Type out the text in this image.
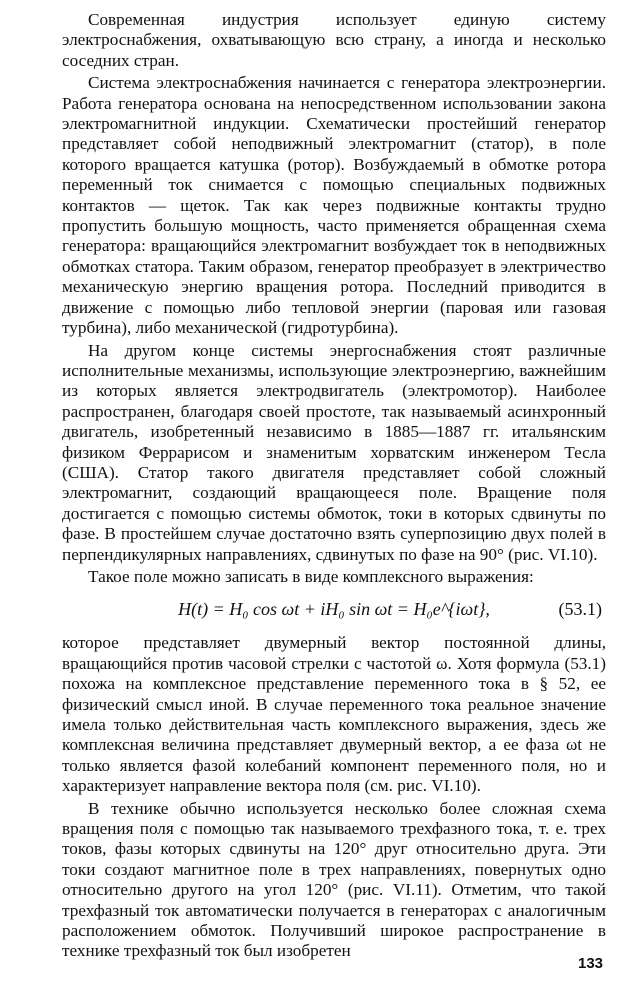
Современная индустрия использует единую систему электроснабжения, охватывающую всю страну, а иногда и несколько соседних стран.

Система электроснабжения начинается с генератора электроэнергии. Работа генератора основана на непосредственном использовании закона электромагнитной индукции. Схематически простейший генератор представляет собой неподвижный электромагнит (статор), в поле которого вращается катушка (ротор). Возбуждаемый в обмотке ротора переменный ток снимается с помощью специальных подвижных контактов — щеток. Так как через подвижные контакты трудно пропустить большую мощность, часто применяется обращенная схема генератора: вращающийся электромагнит возбуждает ток в неподвижных обмотках статора. Таким образом, генератор преобразует в электричество механическую энергию вращения ротора. Последний приводится в движение с помощью либо тепловой энергии (паровая или газовая турбина), либо механической (гидротурбина).

На другом конце системы энергоснабжения стоят различные исполнительные механизмы, использующие электроэнергию, важнейшим из которых является электродвигатель (электромотор). Наиболее распространен, благодаря своей простоте, так называемый асинхронный двигатель, изобретенный независимо в 1885—1887 гг. итальянским физиком Феррарисом и знаменитым хорватским инженером Тесла (США). Статор такого двигателя представляет собой сложный электромагнит, создающий вращающееся поле. Вращение поля достигается с помощью системы обмоток, токи в которых сдвинуты по фазе. В простейшем случае достаточно взять суперпозицию двух полей в перпендикулярных направлениях, сдвинутых по фазе на 90° (рис. VI.10).

Такое поле можно записать в виде комплексного выражения:

H(t) = H₀ cos ωt + iH₀ sin ωt = H₀e^{iωt},	(53.1)

которое представляет двумерный вектор постоянной длины, вращающийся против часовой стрелки с частотой ω. Хотя формула (53.1) похожа на комплексное представление переменного тока в § 52, ее физический смысл иной. В случае переменного тока реальное значение имела только действительная часть комплексного выражения, здесь же комплексная величина представляет двумерный вектор, а ее фаза ωt не только является фазой колебаний компонент переменного поля, но и характеризует направление вектора поля (см. рис. VI.10).

В технике обычно используется несколько более сложная схема вращения поля с помощью так называемого трехфазного тока, т. е. трех токов, фазы которых сдвинуты на 120° друг относительно друга. Эти токи создают магнитное поле в трех направлениях, повернутых одно относительно другого на угол 120° (рис. VI.11). Отметим, что такой трехфазный ток автоматически получается в генераторах с аналогичным расположением обмоток. Получивший широкое распространение в технике трехфазный ток был изобретен

133
